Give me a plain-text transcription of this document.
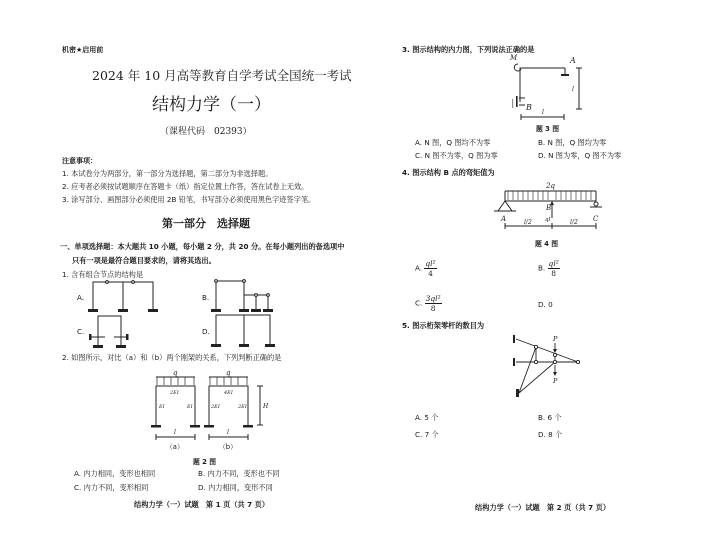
机密★启用前
2024 年 10 月高等教育自学考试全国统一考试
结构力学（一）
（课程代码　02393）
注意事项：
1. 本试卷分为两部分，第一部分为选择题，第二部分为非选择题。
2. 应考者必须按试题顺序在答题卡（纸）指定位置上作答，答在试卷上无效。
3. 涂写部分、画图部分必须使用 2B 铅笔，书写部分必须使用黑色字迹签字笔。
第一部分　选择题
一、单项选择题：本大题共 10 小题，每小题 2 分，共 20 分。在每小题列出的备选项中
只有一项是最符合题目要求的，请将其选出。
1. 含有组合节点的结构是
A.	B.
C.	D.
2. 如图所示，对比（a）和（b）两个刚架的关系，下列判断正确的是
q	q
2EI
EI	EI
4EI
2EI	2EI	H
l	l
（a）	（b）
题 2 图
A. 内力相同，变形也相同	B. 内力不同，变形也不同
C. 内力不同，变形相同	D. 内力相同，变形不同
结构力学（一）试题　第 1 页（共 7 页）
3. 图示结构的内力图，下列说法正确的是
M	A
B
l
l
题 3 图
A. N 图，Q 图均不为零	B. N 图，Q 图均为零
C. N 图不为零，Q 图为零	D. N 图为零，Q 图不为零
4. 图示结构 B 点的弯矩值为
2q
B
ql
A	C
l/2	l/2
题 4 图
A. $\frac{\text{ql²}}{4}$	B. $\frac{\text{ql²}}{8}$
C. $\frac{\text{3ql²}}{8}$	D. 0
5. 图示桁架零杆的数目为
P
P
A. 5 个	B. 6 个
C. 7 个	D. 8 个
结构力学（一）试题　第 2 页（共 7 页）
